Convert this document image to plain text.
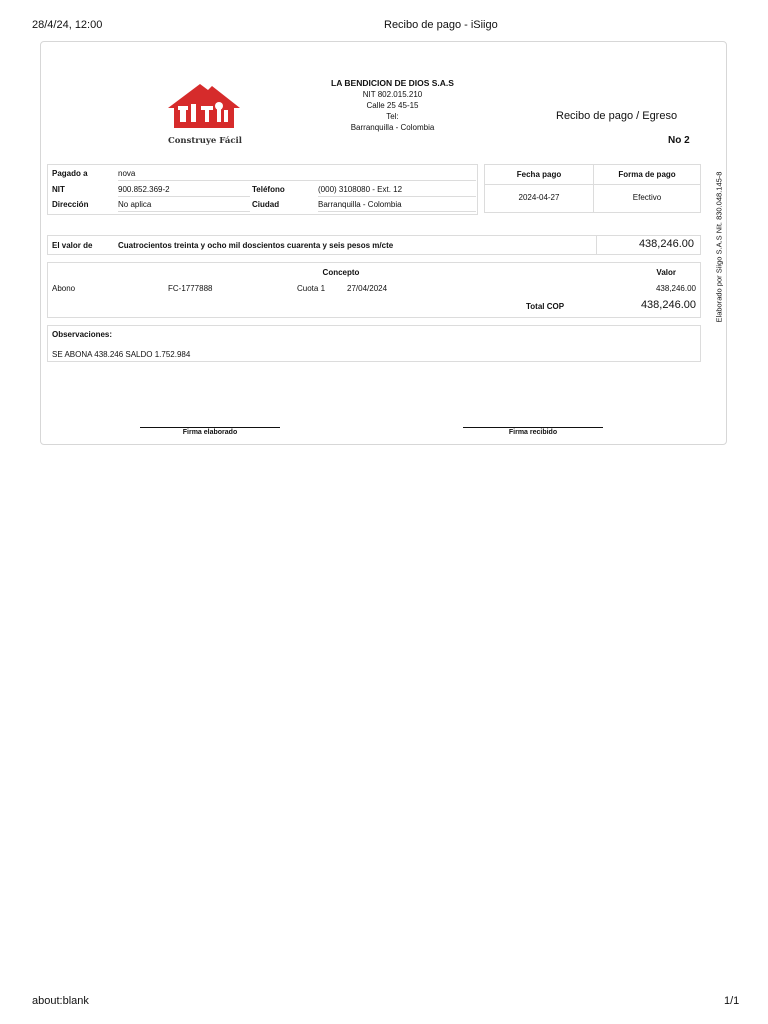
28/4/24, 12:00	Recibo de pago - iSiigo
about:blank	1/1
Construye Fácil
LA BENDICION DE DIOS S.A.S
NIT 802.015.210
Calle 25 45-15
Tel:
Barranquilla - Colombia
Recibo de pago / Egreso
No 2
Pagado a	nova
NIT	900.852.369-2	Teléfono	(000) 3108080 - Ext. 12
Dirección	No aplica	Ciudad	Barranquilla - Colombia
Fecha pago	Forma de pago
2024-04-27	Efectivo
El valor de	Cuatrocientos treinta y ocho mil doscientos cuarenta y seis pesos m/cte	438,246.00
Concepto	Valor
Abono	FC-1777888	Cuota 1	27/04/2024	438,246.00
Total COP	438,246.00
Observaciones:
SE ABONA 438.246 SALDO 1.752.984
Firma elaborado	Firma recibido
Elaborado por Siigo S.A.S Nit. 830.048.145-8
